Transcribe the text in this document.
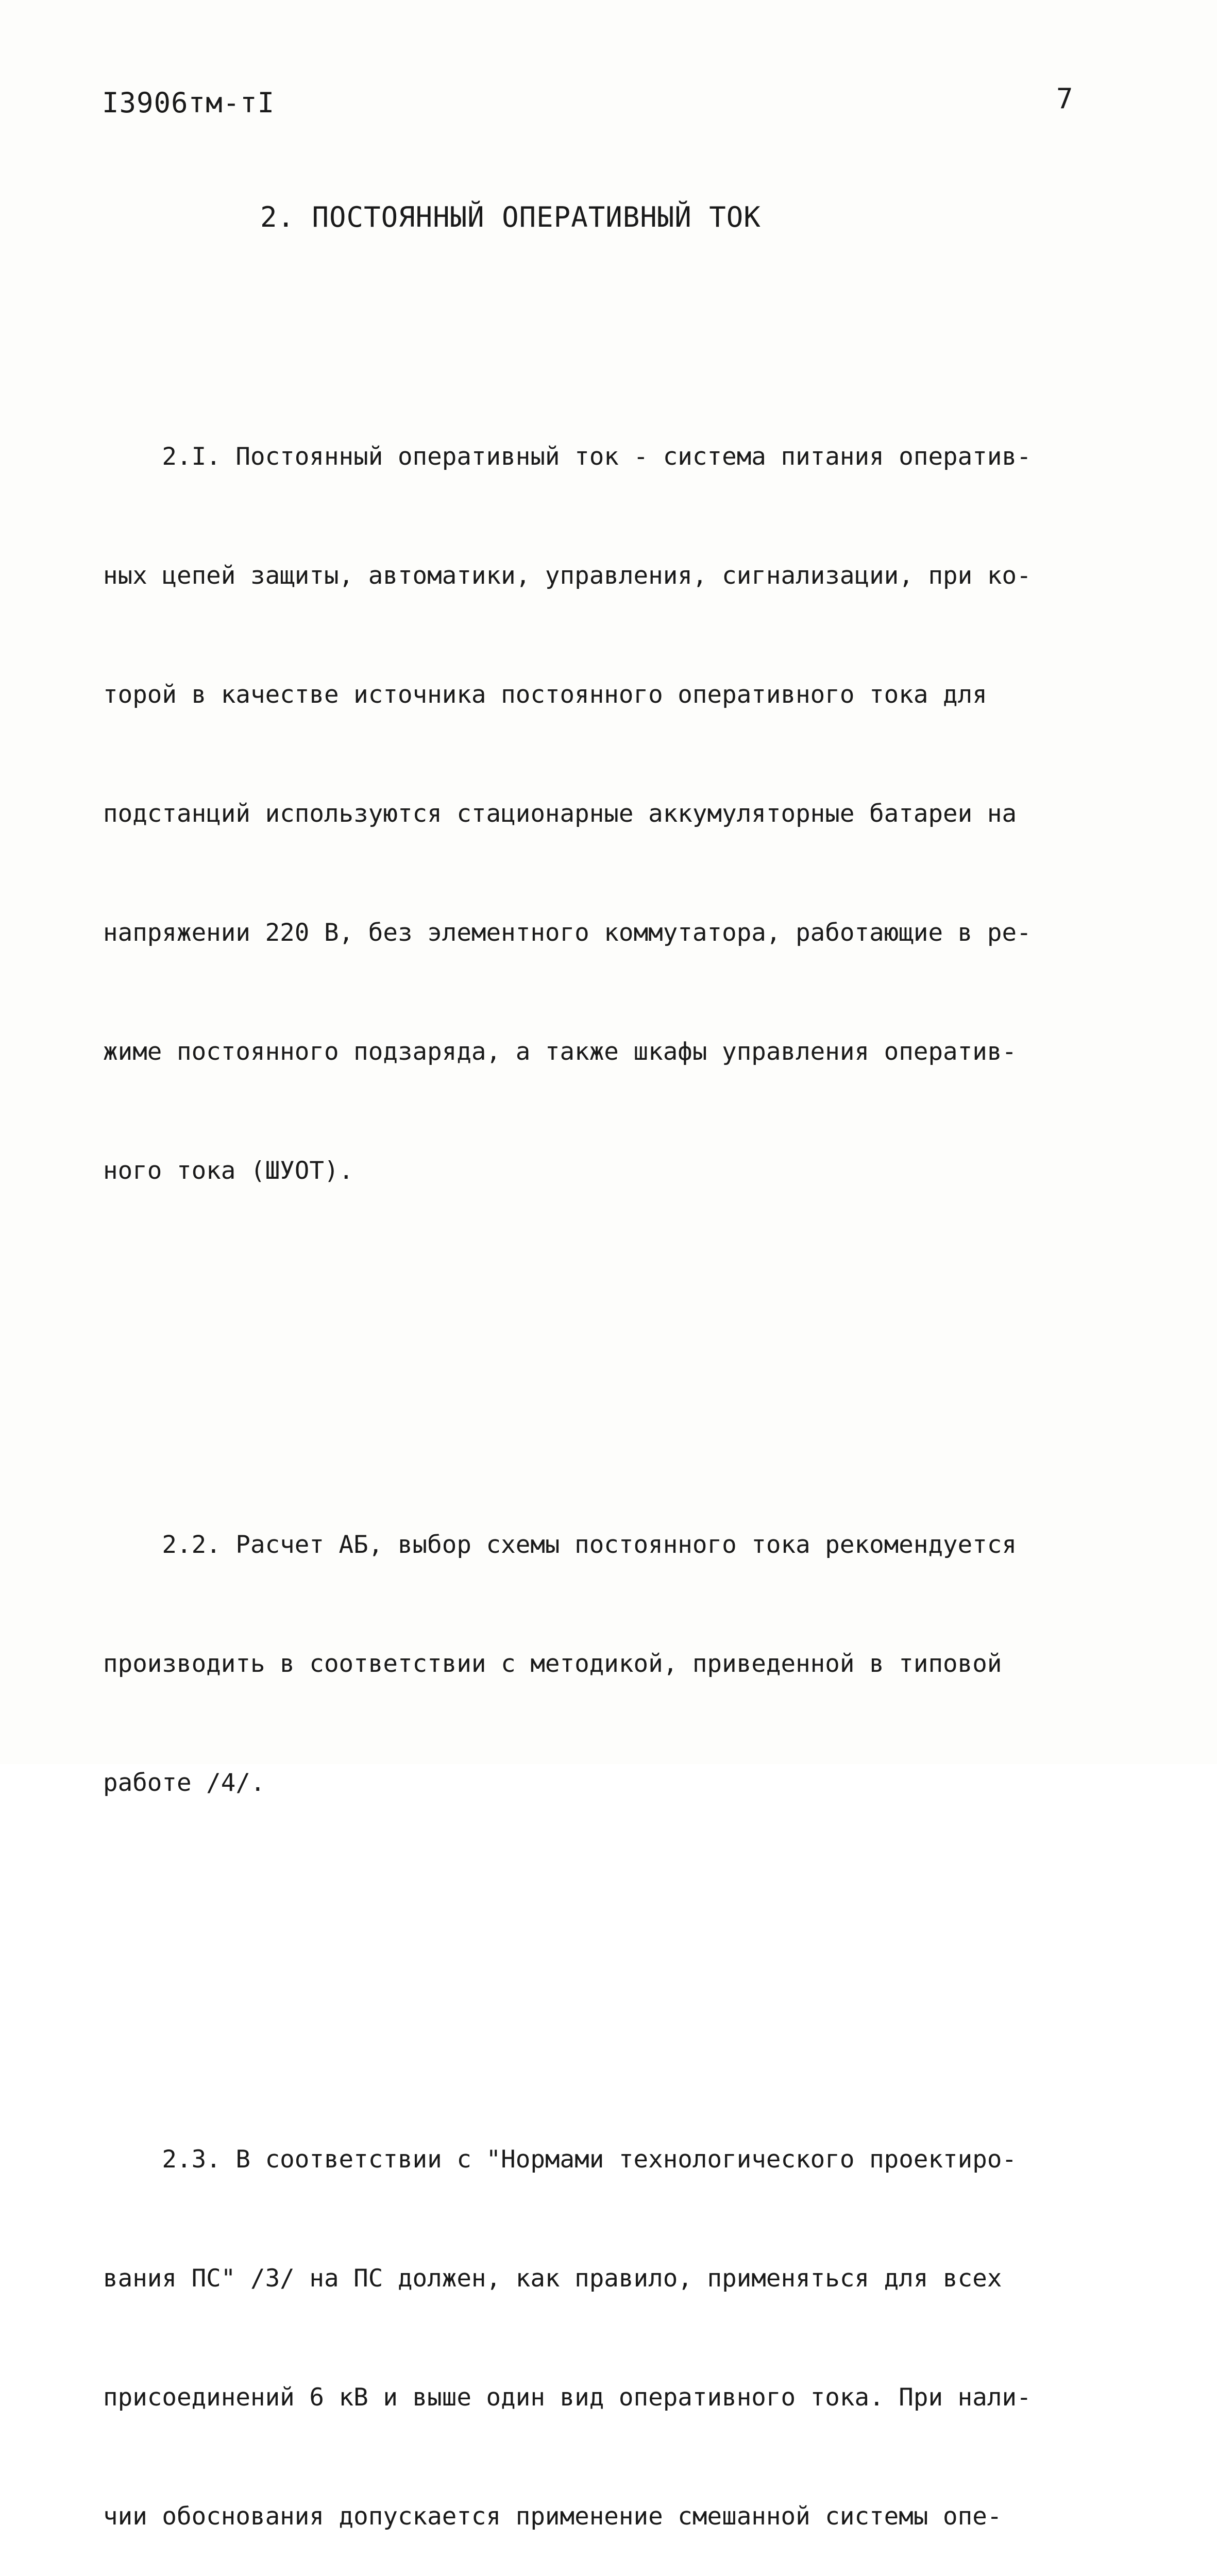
I3906тм-тI	7
2. ПОСТОЯННЫЙ ОПЕРАТИВНЫЙ ТОК

2.I. Постоянный оперативный ток - система питания оператив-

ных цепей защиты, автоматики, управления, сигнализации, при ко-

торой в качестве источника постоянного оперативного тока для

подстанций используются стационарные аккумуляторные батареи на

напряжении 220 В, без элементного коммутатора, работающие в ре-

жиме постоянного подзаряда, а также шкафы управления оператив-

ного тока (ШУОТ).

2.2. Расчет АБ, выбор схемы постоянного тока рекомендуется

производить в соответствии с методикой, приведенной в типовой

работе /4/.

2.3. В соответствии с "Нормами технологического проектиро-

вания ПС" /3/ на ПС должен, как правило, применяться для всех

присоединений 6 кВ и выше один вид оперативного тока. При нали-

чии обоснования допускается применение смешанной системы опе-
